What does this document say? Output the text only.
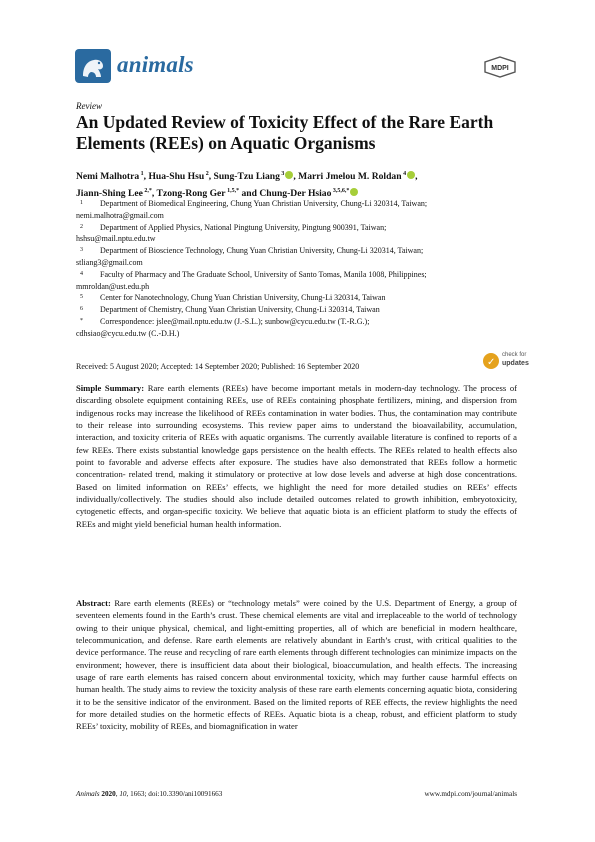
animals	MDPI
Review
An Updated Review of Toxicity Effect of the Rare Earth Elements (REEs) on Aquatic Organisms
Nemi Malhotra $^1$, Hua-Shu Hsu $^2$, Sung-Tzu Liang $^3$ , Marri Jmelou M. Roldan $^4$ ,
Jiann-Shing Lee $^{2,*}$, Tzong-Rong Ger $^{1,5,*}$ and Chung-Der Hsiao $^{3,5,6,*}$
1	Department of Biomedical Engineering, Chung Yuan Christian University, Chung-Li 320314, Taiwan;
nemi.malhotra@gmail.com
2	Department of Applied Physics, National Pingtung University, Pingtung 900391, Taiwan;
hshsu@mail.nptu.edu.tw
3	Department of Bioscience Technology, Chung Yuan Christian University, Chung-Li 320314, Taiwan;
stliang3@gmail.com
4	Faculty of Pharmacy and The Graduate School, University of Santo Tomas, Manila 1008, Philippines;
mmroldan@ust.edu.ph
5	Center for Nanotechnology, Chung Yuan Christian University, Chung-Li 320314, Taiwan
6	Department of Chemistry, Chung Yuan Christian University, Chung-Li 320314, Taiwan
*	Correspondence: jslee@mail.nptu.edu.tw (J.-S.L.); sunbow@cycu.edu.tw (T.-R.G.);
cdhsiao@cycu.edu.tw (C.-D.H.)
Received: 5 August 2020; Accepted: 14 September 2020; Published: 16 September 2020	✓
check for
updates

Simple Summary: Rare earth elements (REEs) have become important metals in modern-day technology. The process of discarding obsolete equipment containing REEs, use of REEs containing phosphate fertilizers, mining, and dispersion from indigenous rocks may increase the likelihood of REEs contamination in water bodies. Thus, the contamination may contribute to their release into surrounding ecosystems. This review paper aims to understand the bioavailability, accumulation, interaction, and toxicity criteria of REEs with aquatic organisms. The currently available literature is confined to reports of a few REEs. There exists substantial knowledge gaps persistence on the health effects. The REEs related to health effects also point to favorable and adverse effects after exposure. The studies have also demonstrated that REEs follow a hormetic concentration- related trend, making it stimulatory or protective at low dose levels and adverse at high dose concentrations. Based on limited information on REEs’ effects, we highlight the need for more detailed studies on REEs’ effects individually/collectively. The studies should also include detailed outcomes related to growth inhibition, embryotoxicity, cytogenetic effects, and organ-specific toxicity. We believe that aquatic biota is an efficient platform to study the effects of REEs and might yield beneficial human health information.

Abstract: Rare earth elements (REEs) or “technology metals” were coined by the U.S. Department of Energy, a group of seventeen elements found in the Earth’s crust. These chemical elements are vital and irreplaceable to the world of technology owing to their unique physical, chemical, and light-emitting properties, all of which are beneficial in modern healthcare, telecommunication, and defense. Rare earth elements are relatively abundant in Earth’s crust, with critical qualities to the device performance. The reuse and recycling of rare earth elements through different technologies can minimize impacts on the environment; however, there is insufficient data about their biological, bioaccumulation, and health effects. The increasing usage of rare earth elements has raised concern about environmental toxicity, which may further cause harmful effects on human health. The study aims to review the toxicity analysis of these rare earth elements concerning aquatic biota, considering it to be the sensitive indicator of the environment. Based on the limited reports of REE effects, the review highlights the need for more detailed studies on the hormetic effects of REEs. Aquatic biota is a cheap, robust, and efficient platform to study REEs’ toxicity, mobility of REEs, and biomagnification in water

Animals 2020, 10, 1663; doi:10.3390/ani10091663	www.mdpi.com/journal/animals
